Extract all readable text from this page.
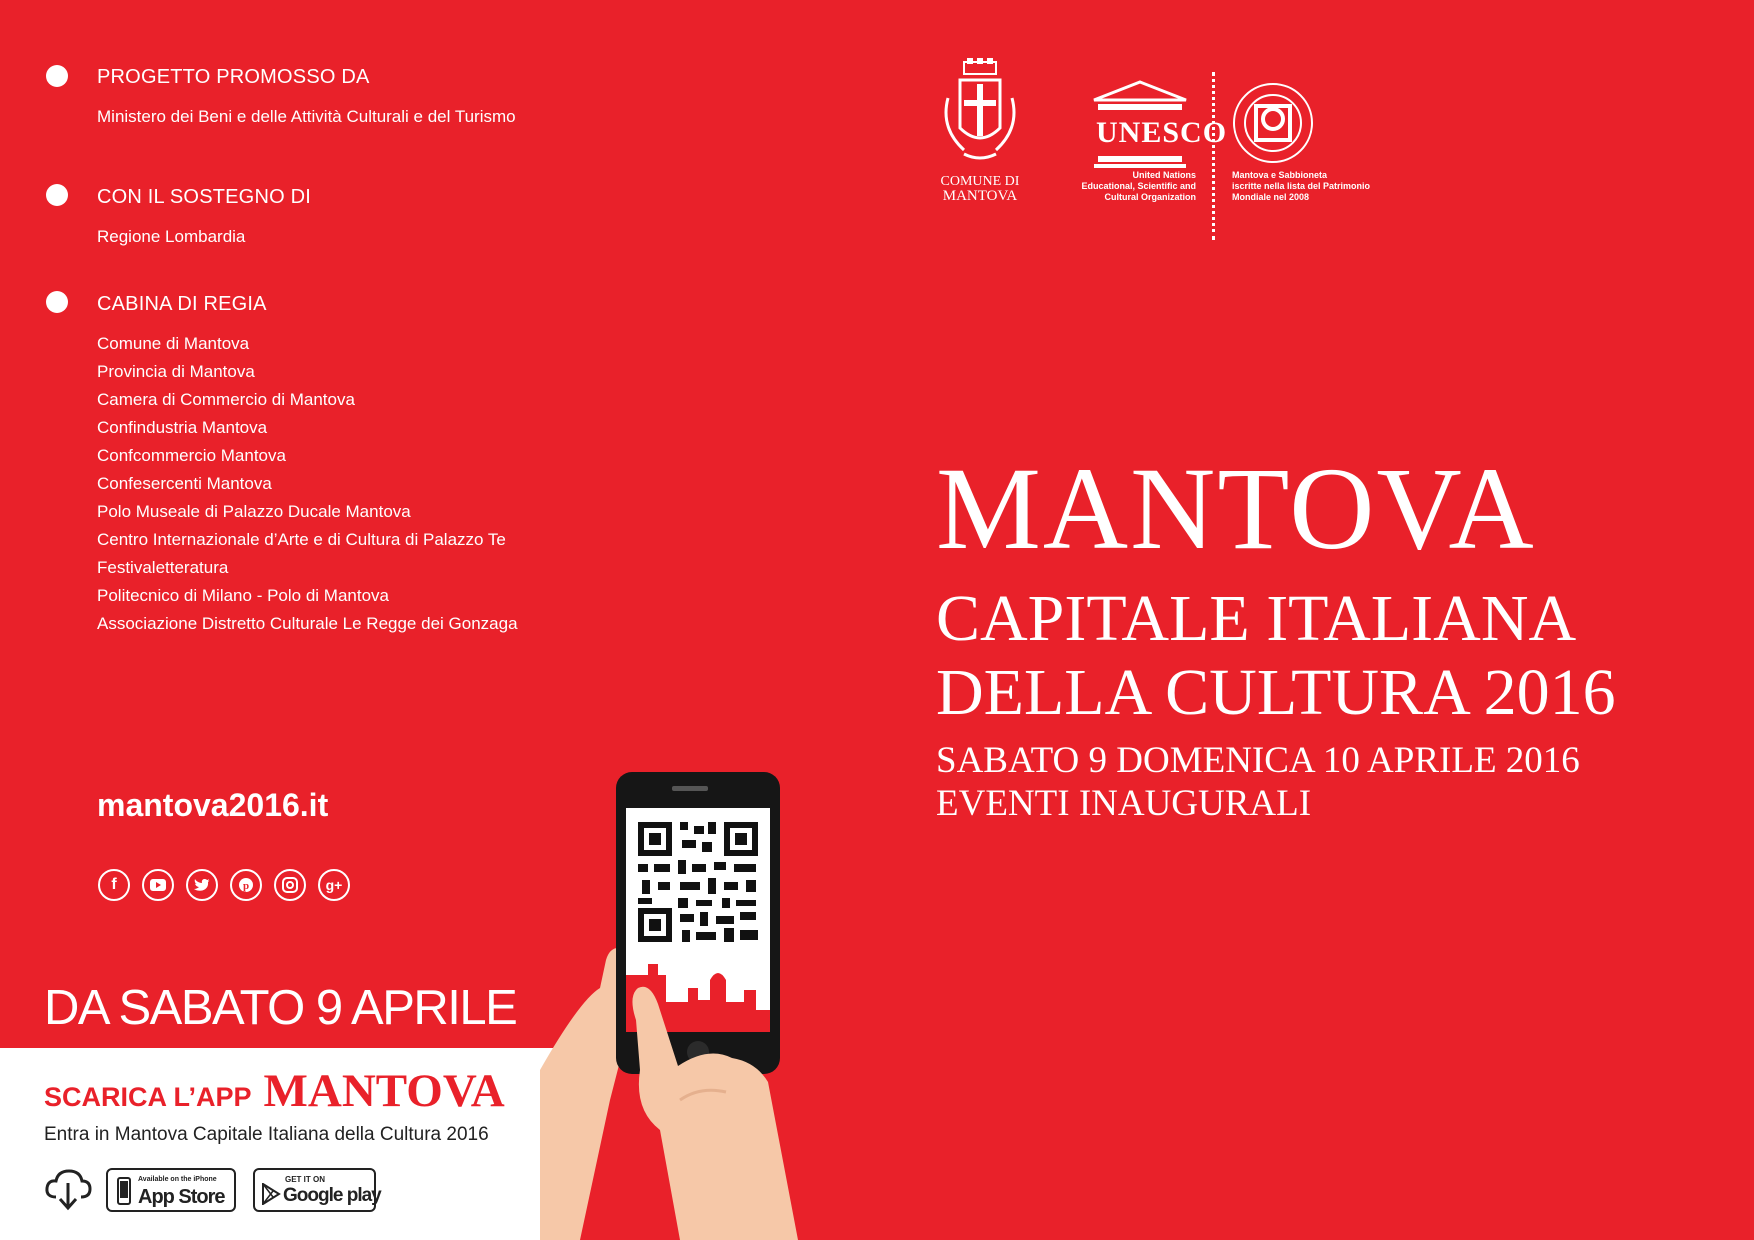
PROGETTO PROMOSSO DA
Ministero dei Beni e delle Attività Culturali e del Turismo
CON IL SOSTEGNO DI
Regione Lombardia
CABINA DI REGIA
Comune di Mantova
Provincia di Mantova
Camera di Commercio di Mantova
Confindustria Mantova
Confcommercio Mantova
Confesercenti Mantova
Polo Museale di Palazzo Ducale Mantova
Centro Internazionale d’Arte e di Cultura di Palazzo Te
Festivaletteratura
Politecnico di Milano - Polo di Mantova
Associazione Distretto Culturale Le Regge dei Gonzaga
mantova2016.it
f	p	g+
COMUNE DI
MANTOVA
UNESCO
United Nations
Educational, Scientific and
Cultural Organization
Mantova e Sabbioneta
iscritte nella lista del Patrimonio
Mondiale nel 2008
MANTOVA
CAPITALE ITALIANA
DELLA CULTURA 2016
SABATO 9 DOMENICA 10 APRILE 2016
EVENTI INAUGURALI
DA SABATO 9 APRILE
SCARICA L’APP MANTOVA
Entra in Mantova Capitale Italiana della Cultura 2016
Available on the iPhone
App Store
GET IT ON
Google play
